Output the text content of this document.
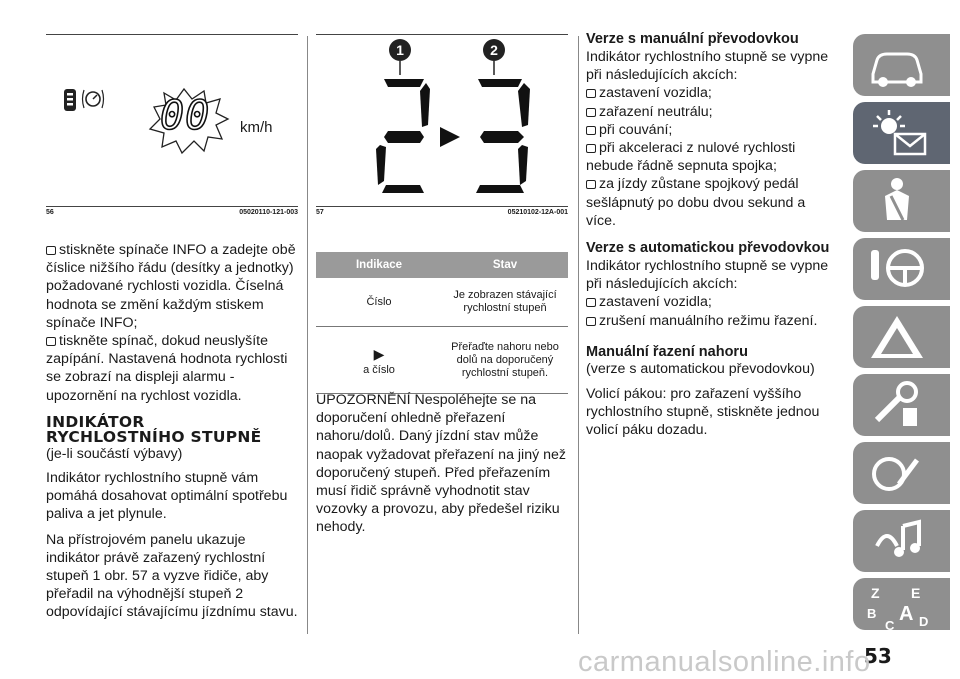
00 km/h
56	05020110-121-003

stiskněte spínače INFO a zadejte obě číslice nižšího řádu (desítky a jednotky) požadované rychlosti vozidla. Číselná hodnota se změní každým stiskem spínače INFO;

tiskněte spínač, dokud neuslyšíte zapípání. Nastavená hodnota rychlosti se zobrazí na displeji alarmu - upozornění na rychlost vozidla.

INDIKÁTOR
RYCHLOSTNÍHO STUPNĚ

(je-li součástí výbavy)

Indikátor rychlostního stupně vám pomáhá dosahovat optimální spotřebu paliva a jet plynule.

Na přístrojovém panelu ukazuje indikátor právě zařazený rychlostní stupeň 1 obr. 57 a vyzve řidiče, aby přeřadil na výhodnější stupeň 2 odpovídající stávajícímu jízdnímu stavu.

1	2
57	05210102-12A-001
Indikace	Stav
Číslo	Je zobrazen stávající rychlostní stupeň

▶
a číslo	Přeřaďte nahoru nebo dolů na doporučený rychlostní stupeň.

UPOZORNĚNÍ Nespoléhejte se na doporučení ohledně přeřazení nahoru/dolů. Daný jízdní stav může naopak vyžadovat přeřazení na jiný než doporučený stupeň. Před přeřazením musí řidič správně vyhodnotit stav vozovky a provozu, aby předešel riziku nehody.

Verze s manuální převodovkou

Indikátor rychlostního stupně se vypne při následujících akcích:

zastavení vozidla;
zařazení neutrálu;
při couvání;
při akceleraci z nulové rychlosti nebude řádně sepnuta spojka;
za jízdy zůstane spojkový pedál sešlápnutý po dobu dvou sekund a více.
Verze s automatickou převodovkou

Indikátor rychlostního stupně se vypne při následujících akcích:

zastavení vozidla;
zrušení manuálního režimu řazení.
Manuální řazení nahoru

(verze s automatickou převodovkou)

Volicí pákou: pro zařazení vyššího rychlostního stupně, stiskněte jednou volicí páku dozadu.

Z E
B A
C D
53
carmanualsonline.info
